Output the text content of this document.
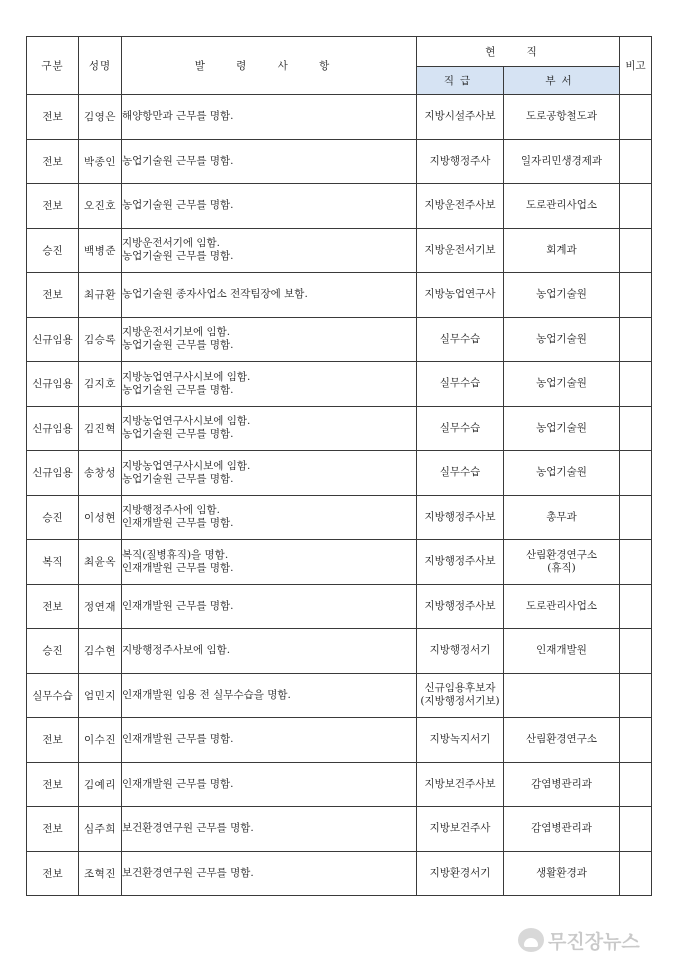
구분	성명	발 령 사 항	현 직		비고
			직급	부서	
전보	김영은	해양항만과 근무를 명함.	지방시설주사보	도로공항철도과	

전보	박종인	농업기술원 근무를 명함.	지방행정주사	일자리민생경제과	

전보	오진호	농업기술원 근무를 명함.	지방운전주사보	도로관리사업소	

승진	백병준	지방운전서기에 임함.
농업기술원 근무를 명함.	지방운전서기보	회계과	

전보	최규환	농업기술원 종자사업소 전작팀장에 보함.	지방농업연구사	농업기술원	

신규임용	김승록	지방운전서기보에 임함.
농업기술원 근무를 명함.	실무수습	농업기술원	

신규임용	김지호	지방농업연구사시보에 임함.
농업기술원 근무를 명함.	실무수습	농업기술원	

신규임용	김진혁	지방농업연구사시보에 임함.
농업기술원 근무를 명함.	실무수습	농업기술원	

신규임용	송창성	지방농업연구사시보에 임함.
농업기술원 근무를 명함.	실무수습	농업기술원	

승진	이성현	지방행정주사에 임함.
인재개발원 근무를 명함.	지방행정주사보	총무과	

복직	최윤옥	복직(질병휴직)을 명함.
인재개발원 근무를 명함.	지방행정주사보	산림환경연구소
(휴직)	

전보	정연재	인재개발원 근무를 명함.	지방행정주사보	도로관리사업소	

승진	김수현	지방행정주사보에 임함.	지방행정서기	인재개발원	

실무수습	엄민지	인재개발원 임용 전 실무수습을 명함.	신규임용후보자
(지방행정서기보)		

전보	이수진	인재개발원 근무를 명함.	지방녹지서기	산림환경연구소	

전보	김예리	인재개발원 근무를 명함.	지방보건주사보	감염병관리과	

전보	심주희	보건환경연구원 근무를 명함.	지방보건주사	감염병관리과	

전보	조혁진	보건환경연구원 근무를 명함.	지방환경서기	생활환경과	

무진장뉴스
